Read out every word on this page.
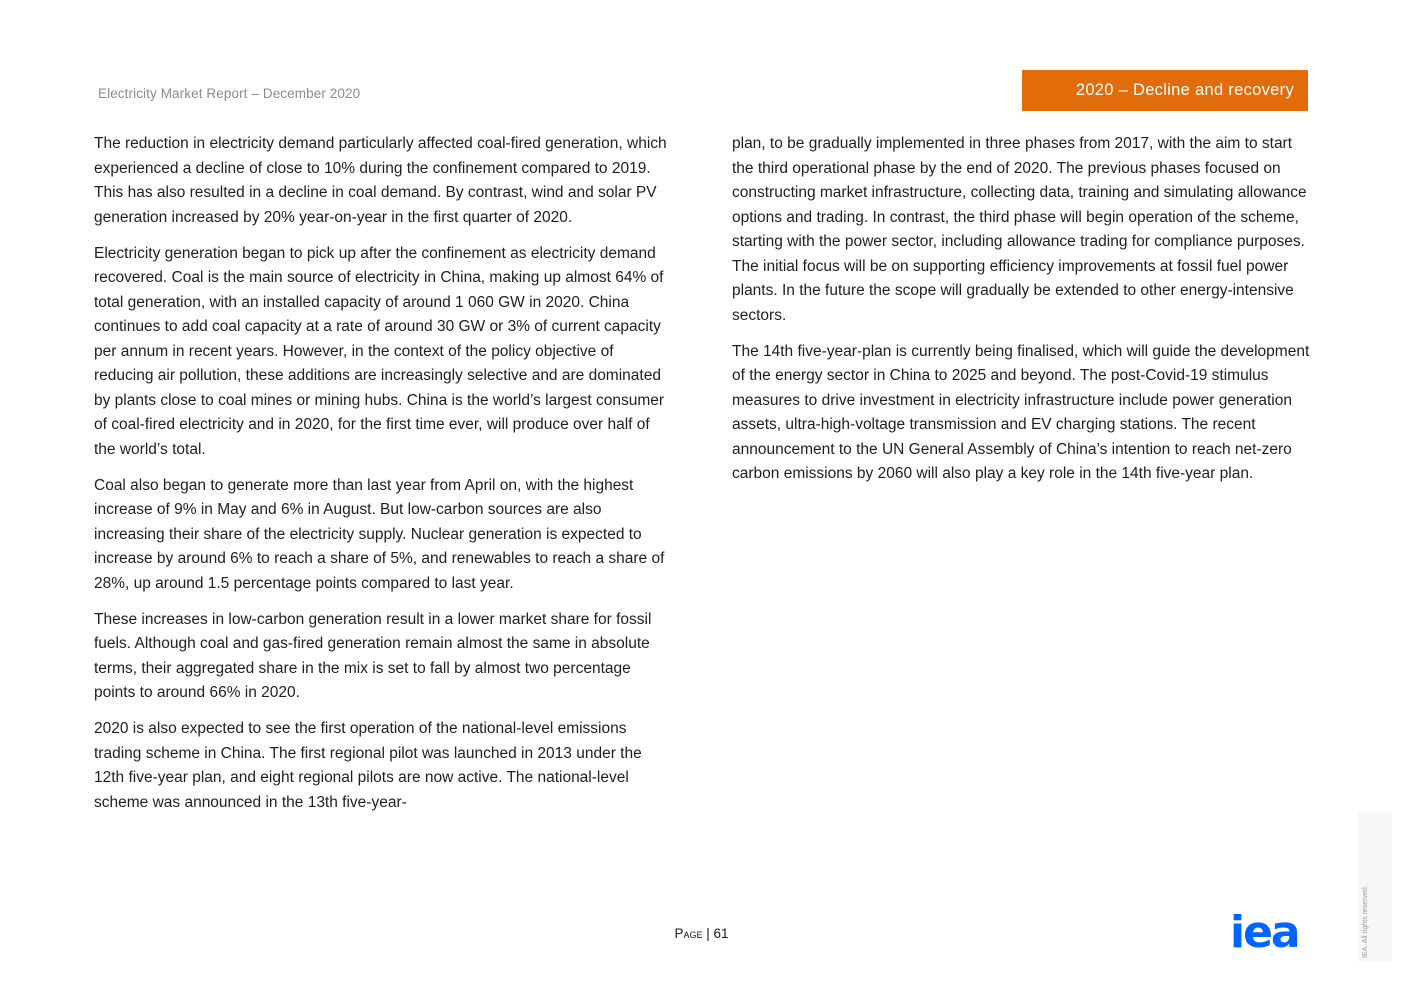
Electricity Market Report – December 2020	2020 – Decline and recovery

The reduction in electricity demand particularly affected coal-fired generation, which experienced a decline of close to 10% during the confinement compared to 2019. This has also resulted in a decline in coal demand. By contrast, wind and solar PV generation increased by 20% year-on-year in the first quarter of 2020.

Electricity generation began to pick up after the confinement as electricity demand recovered. Coal is the main source of electricity in China, making up almost 64% of total generation, with an installed capacity of around 1 060 GW in 2020. China continues to add coal capacity at a rate of around 30 GW or 3% of current capacity per annum in recent years. However, in the context of the policy objective of reducing air pollution, these additions are increasingly selective and are dominated by plants close to coal mines or mining hubs. China is the world’s largest consumer of coal-fired electricity and in 2020, for the first time ever, will produce over half of the world’s total.

Coal also began to generate more than last year from April on, with the highest increase of 9% in May and 6% in August. But low-carbon sources are also increasing their share of the electricity supply. Nuclear generation is expected to increase by around 6% to reach a share of 5%, and renewables to reach a share of 28%, up around 1.5 percentage points compared to last year.

These increases in low-carbon generation result in a lower market share for fossil fuels. Although coal and gas-fired generation remain almost the same in absolute terms, their aggregated share in the mix is set to fall by almost two percentage points to around 66% in 2020.

2020 is also expected to see the first operation of the national-level emissions trading scheme in China. The first regional pilot was launched in 2013 under the 12th five-year plan, and eight regional pilots are now active. The national-level scheme was announced in the 13th five-year-

plan, to be gradually implemented in three phases from 2017, with the aim to start the third operational phase by the end of 2020. The previous phases focused on constructing market infrastructure, collecting data, training and simulating allowance options and trading. In contrast, the third phase will begin operation of the scheme, starting with the power sector, including allowance trading for compliance purposes. The initial focus will be on supporting efficiency improvements at fossil fuel power plants. In the future the scope will gradually be extended to other energy-intensive sectors.

The 14th five-year-plan is currently being finalised, which will guide the development of the energy sector in China to 2025 and beyond. The post-Covid-19 stimulus measures to drive investment in electricity infrastructure include power generation assets, ultra-high-voltage transmission and EV charging stations. The recent announcement to the UN General Assembly of China’s intention to reach net-zero carbon emissions by 2060 will also play a key role in the 14th five-year plan.

Page | 61	iea	IEA. All rights reserved.
